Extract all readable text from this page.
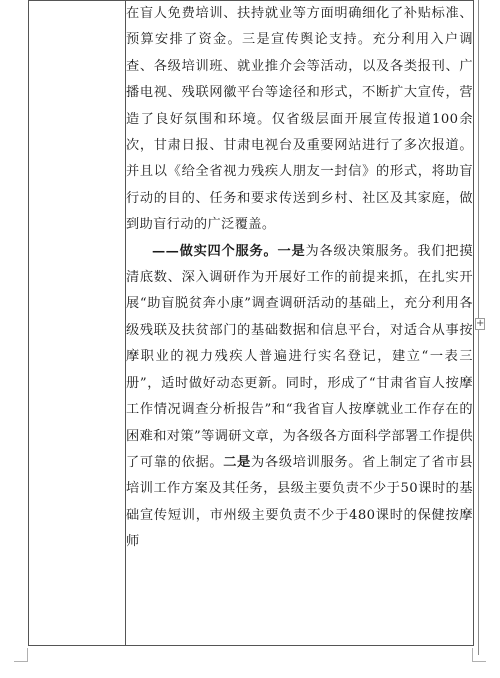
在盲人免费培训、扶持就业等方面明确细化了补贴标准、预算安排了资金。三是宣传舆论支持。充分利用入户调查、各级培训班、就业推介会等活动，以及各类报刊、广播电视、残联网徽平台等途径和形式，不断扩大宣传，营造了良好氛围和环境。仅省级层面开展宣传报道100余次，甘肃日报、甘肃电视台及重要网站进行了多次报道。并且以《给全省视力残疾人朋友一封信》的形式，将助盲行动的目的、任务和要求传送到乡村、社区及其家庭，做到助盲行动的广泛覆盖。

——做实四个服务。一是为各级决策服务。我们把摸清底数、深入调研作为开展好工作的前提来抓，在扎实开展“助盲脱贫奔小康”调查调研活动的基础上，充分利用各级残联及扶贫部门的基础数据和信息平台，对适合从事按摩职业的视力残疾人普遍进行实名登记，建立“一表三册”，适时做好动态更新。同时，形成了“甘肃省盲人按摩工作情况调查分析报告”和“我省盲人按摩就业工作存在的困难和对策”等调研文章，为各级各方面科学部署工作提供了可靠的依据。二是为各级培训服务。省上制定了省市县培训工作方案及其任务，县级主要负责不少于50课时的基础宣传短训，市州级主要负责不少于480课时的保健按摩师

+
